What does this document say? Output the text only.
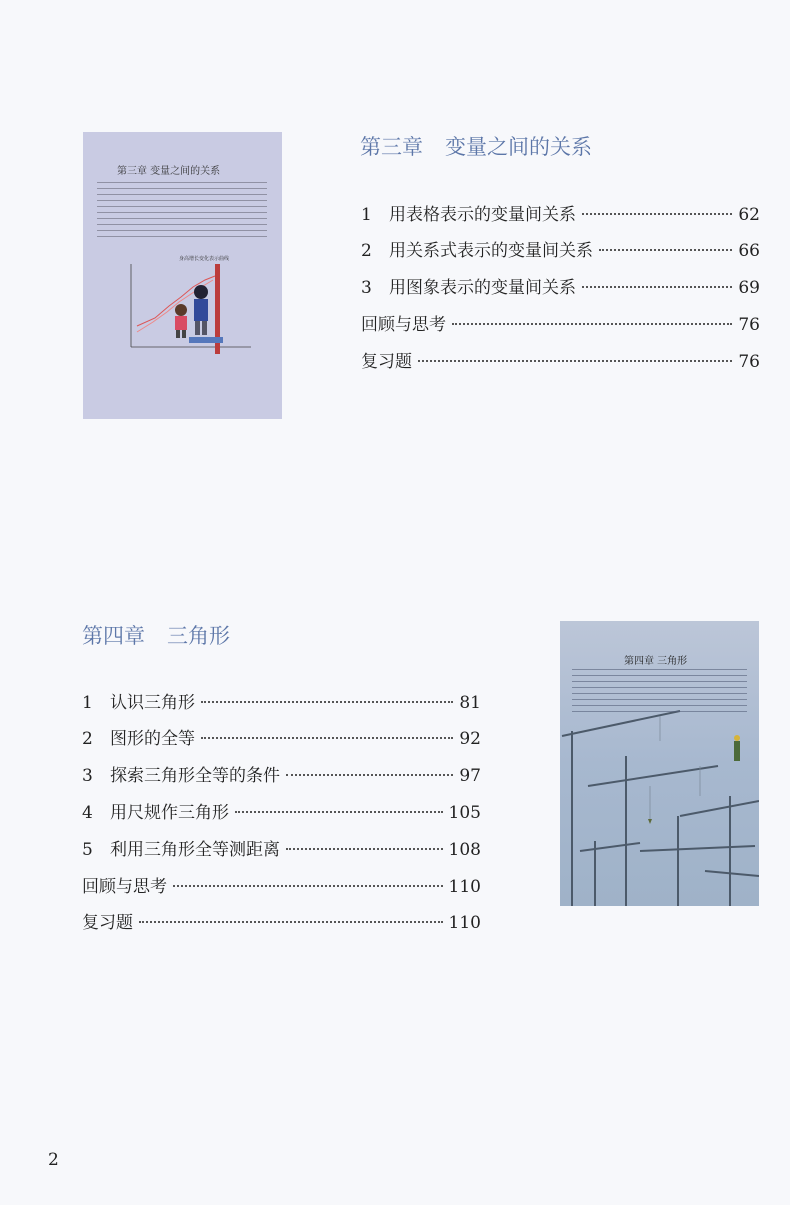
第三章 变量之间的关系
身高增长变化表示曲线
第三章 变量之间的关系
1	用表格表示的变量间关系	62
2	用关系式表示的变量间关系	66
3	用图象表示的变量间关系	69
回顾与思考	76
复习题	76
第四章 三角形
1	认识三角形	81
2	图形的全等	92
3	探索三角形全等的条件	97
4	用尺规作三角形	105
5	利用三角形全等测距离	108
回顾与思考	110
复习题	110
第四章 三角形
2
